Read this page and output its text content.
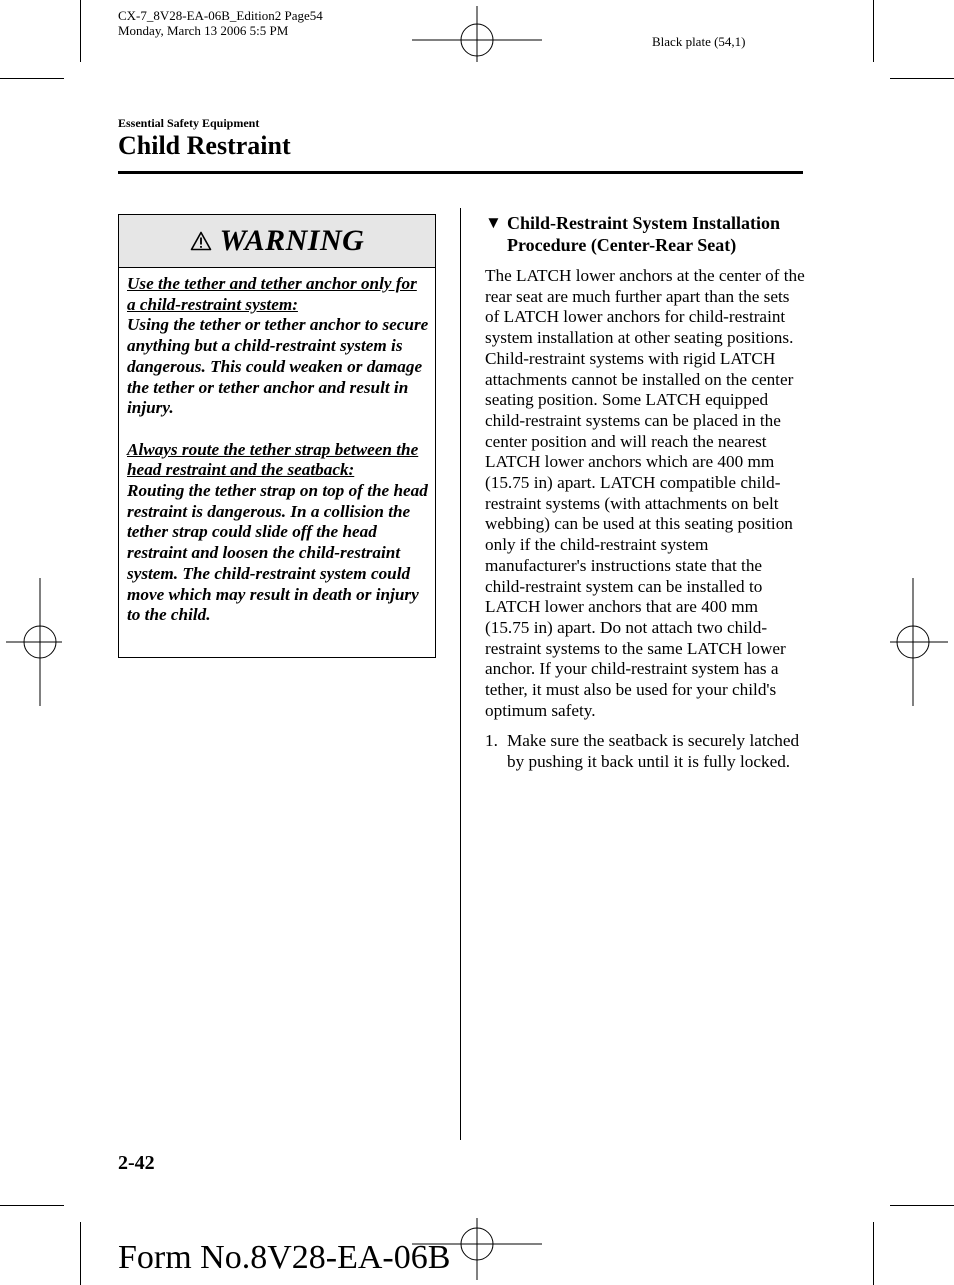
CX-7_8V28-EA-06B_Edition2 Page54
Monday, March 13 2006 5:5 PM
Black plate (54,1)
Essential Safety Equipment
Child Restraint
WARNING

Use the tether and tether anchor only for a child-restraint system:

Using the tether or tether anchor to secure anything but a child-restraint system is dangerous. This could weaken or damage the tether or tether anchor and result in injury.

Always route the tether strap between the head restraint and the seatback:

Routing the tether strap on top of the head restraint is dangerous. In a collision the tether strap could slide off the head restraint and loosen the child-restraint system. The child-restraint system could move which may result in death or injury to the child.

▼ Child-Restraint System Installation Procedure (Center-Rear Seat)

The LATCH lower anchors at the center of the rear seat are much further apart than the sets of LATCH lower anchors for child-restraint system installation at other seating positions. Child-restraint systems with rigid LATCH attachments cannot be installed on the center seating position. Some LATCH equipped child-restraint systems can be placed in the center position and will reach the nearest LATCH lower anchors which are 400 mm (15.75 in) apart. LATCH compatible child-restraint systems (with attachments on belt webbing) can be used at this seating position only if the child-restraint system manufacturer's instructions state that the child-restraint system can be installed to LATCH lower anchors that are 400 mm (15.75 in) apart. Do not attach two child-restraint systems to the same LATCH lower anchor. If your child-restraint system has a tether, it must also be used for your child's optimum safety.

1. Make sure the seatback is securely latched by pushing it back until it is fully locked.
2-42
Form No.8V28-EA-06B
